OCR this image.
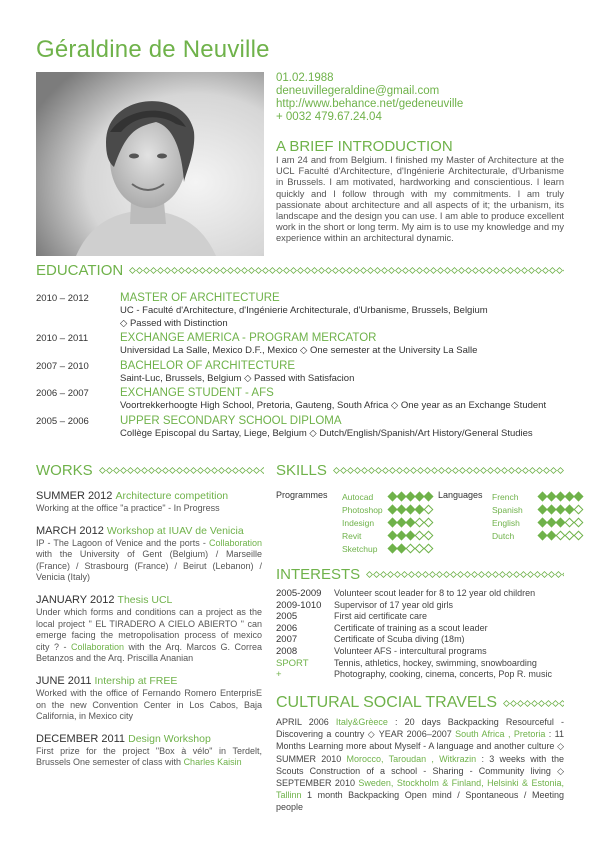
Géraldine de Neuville
01.02.1988
deneuvillegeraldine@gmail.com
http://www.behance.net/gedeneuville
+ 0032 479.67.24.04
A BRIEF INTRODUCTION
I am 24 and from Belgium. I finished my Master of Architecture at the UCL Faculté d'Architecture, d'Ingénierie Architecturale, d'Urbanisme in Brussels. I am motivated, hardworking and conscientious. I learn quickly and I follow through with my commitments. I am truly passionate about architecture and all aspects of it; the urbanism, its landscape and the design you can use. I am able to produce excellent work in the short or long term. My aim is to use my knowledge and my experience within an architectural dynamic.
EDUCATION
2010 – 2012	MASTER OF ARCHITECTURE
UC - Faculté d'Architecture, d'Ingénierie Architecturale, d'Urbanisme, Brussels, Belgium
◇ Passed with Distinction
2010 – 2011	EXCHANGE AMERICA - PROGRAM MERCATOR
Universidad La Salle, Mexico D.F., Mexico ◇ One semester at the University La Salle
2007 – 2010	BACHELOR OF ARCHITECTURE
Saint-Luc, Brussels, Belgium ◇ Passed with Satisfacion
2006 – 2007	EXCHANGE STUDENT - AFS
Voortrekkerhoogte High School, Pretoria, Gauteng, South Africa ◇ One year as an Exchange Student
2005 – 2006	UPPER SECONDARY SCHOOL DIPLOMA
Collège Episcopal du Sartay, Liege, Belgium ◇ Dutch/English/Spanish/Art History/General Studies
WORKS
SUMMER 2012 Architecture competition
Working at the office "a practice" - In Progress
MARCH 2012 Workshop at IUAV de Venicia
IP - The Lagoon of Venice and the ports - Collaboration with the University of Gent (Belgium) / Marseille (France) / Strasbourg (France) / Beirut (Lebanon) / Venicia (Italy)
JANUARY 2012 Thesis UCL
Under which forms and conditions can a project as the local project " EL TIRADERO A CIELO ABIERTO " can emerge facing the metropolisation process of mexico city ? - Collaboration with the Arq. Marcos G. Correa Betanzos and the Arq. Priscilla Ananian
JUNE 2011 Intership at FREE
Worked with the office of Fernando Romero EnterprisE on the new Convention Center in Los Cabos, Baja California, in Mexico city
DECEMBER 2011 Design Workshop
First prize for the project "Box à vélo" in Terdelt, Brussels One semester of class with Charles Kaisin
SKILLS
Programmes Autocad
Photoshop
Indesign
Revit
Sketchup
Languages French
Spanish
English
Dutch
INTERESTS
2005-2009	Volunteer scout leader for 8 to 12 year old children
2009-1010	Supervisor of 17 year old girls
2005	First aid certificate care
2006	Certificate of training as a scout leader
2007	Certificate of Scuba diving (18m)
2008	Volunteer AFS - intercultural programs
SPORT	Tennis, athletics, hockey, swimming, snowboarding
+	Photography, cooking, cinema, concerts, Pop R. music
CULTURAL SOCIAL TRAVELS
APRIL 2006 Italy&Grèece : 20 days Backpacking Resourceful - Discovering a country ◇ YEAR 2006–2007 South Africa , Pretoria : 11 Months Learning more about Myself - A language and another culture ◇ SUMMER 2010 Morocco, Taroudan , Witkrazin : 3 weeks with the Scouts Construction of a school - Sharing - Community living ◇ SEPTEMBER 2010 Sweden, Stockholm & Finland, Helsinki & Estonia, Tallinn 1 month Backpacking Open mind / Spontaneous / Meeting people
